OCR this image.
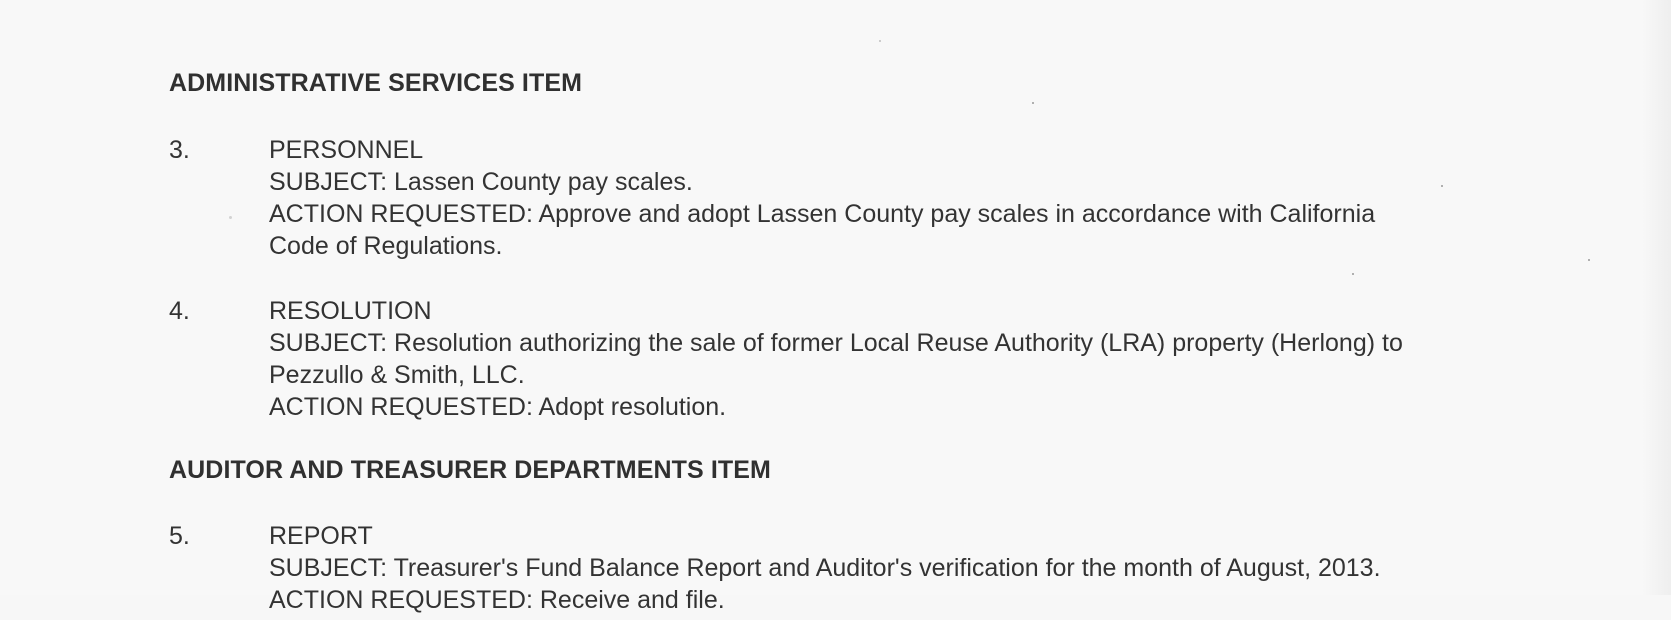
ADMINISTRATIVE SERVICES ITEM
3.	PERSONNEL
SUBJECT: Lassen County pay scales.
ACTION REQUESTED: Approve and adopt Lassen County pay scales in accordance with California
Code of Regulations.
4.	RESOLUTION
SUBJECT: Resolution authorizing the sale of former Local Reuse Authority (LRA) property (Herlong) to
Pezzullo & Smith, LLC.
ACTION REQUESTED: Adopt resolution.
AUDITOR AND TREASURER DEPARTMENTS ITEM
5.	REPORT
SUBJECT: Treasurer's Fund Balance Report and Auditor's verification for the month of August, 2013.
ACTION REQUESTED: Receive and file.
